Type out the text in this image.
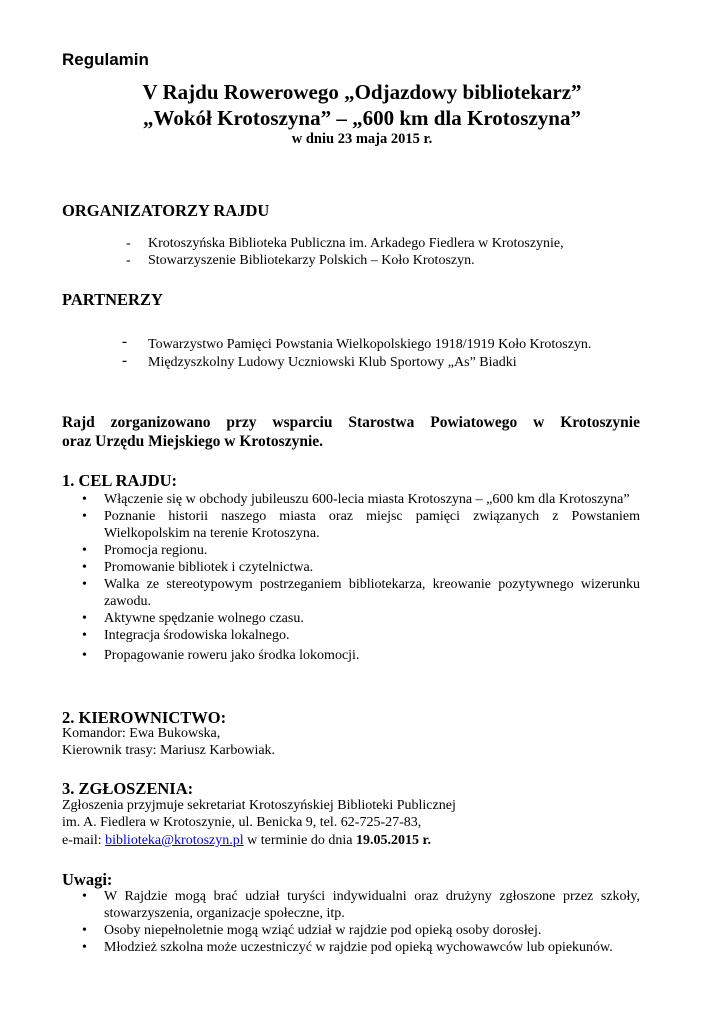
Regulamin
V Rajdu Rowerowego „Odjazdowy bibliotekarz”
„Wokół Krotoszyna” – „600 km dla Krotoszyna”
w dniu 23 maja 2015 r.
ORGANIZATORZY RAJDU
- Krotoszyńska Biblioteka Publiczna im. Arkadego Fiedlera w Krotoszynie,
- Stowarzyszenie Bibliotekarzy Polskich – Koło Krotoszyn.
PARTNERZY
- Towarzystwo Pamięci Powstania Wielkopolskiego 1918/1919 Koło Krotoszyn.
- Międzyszkolny Ludowy Uczniowski Klub Sportowy „As” Biadki
Rajd zorganizowano przy wsparciu Starostwa Powiatowego w Krotoszynie
oraz Urzędu Miejskiego w Krotoszynie.
1. CEL RAJDU:
• Włączenie się w obchody jubileuszu 600-lecia miasta Krotoszyna – „600 km dla Krotoszyna”
• Poznanie historii naszego miasta oraz miejsc pamięci związanych z Powstaniem Wielkopolskim na terenie Krotoszyna.
• Promocja regionu.
• Promowanie bibliotek i czytelnictwa.
• Walka ze stereotypowym postrzeganiem bibliotekarza, kreowanie pozytywnego wizerunku zawodu.
• Aktywne spędzanie wolnego czasu.
• Integracja środowiska lokalnego.
• Propagowanie roweru jako środka lokomocji.
2. KIEROWNICTWO:
Komandor: Ewa Bukowska,
Kierownik trasy: Mariusz Karbowiak.
3. ZGŁOSZENIA:
Zgłoszenia przyjmuje sekretariat Krotoszyńskiej Biblioteki Publicznej
im. A. Fiedlera w Krotoszynie, ul. Benicka 9, tel. 62-725-27-83,
e-mail: biblioteka@krotoszyn.pl w terminie do dnia 19.05.2015 r.
Uwagi:
• W Rajdzie mogą brać udział turyści indywidualni oraz drużyny zgłoszone przez szkoły, stowarzyszenia, organizacje społeczne, itp.
• Osoby niepełnoletnie mogą wziąć udział w rajdzie pod opieką osoby dorosłej.
• Młodzież szkolna może uczestniczyć w rajdzie pod opieką wychowawców lub opiekunów.
